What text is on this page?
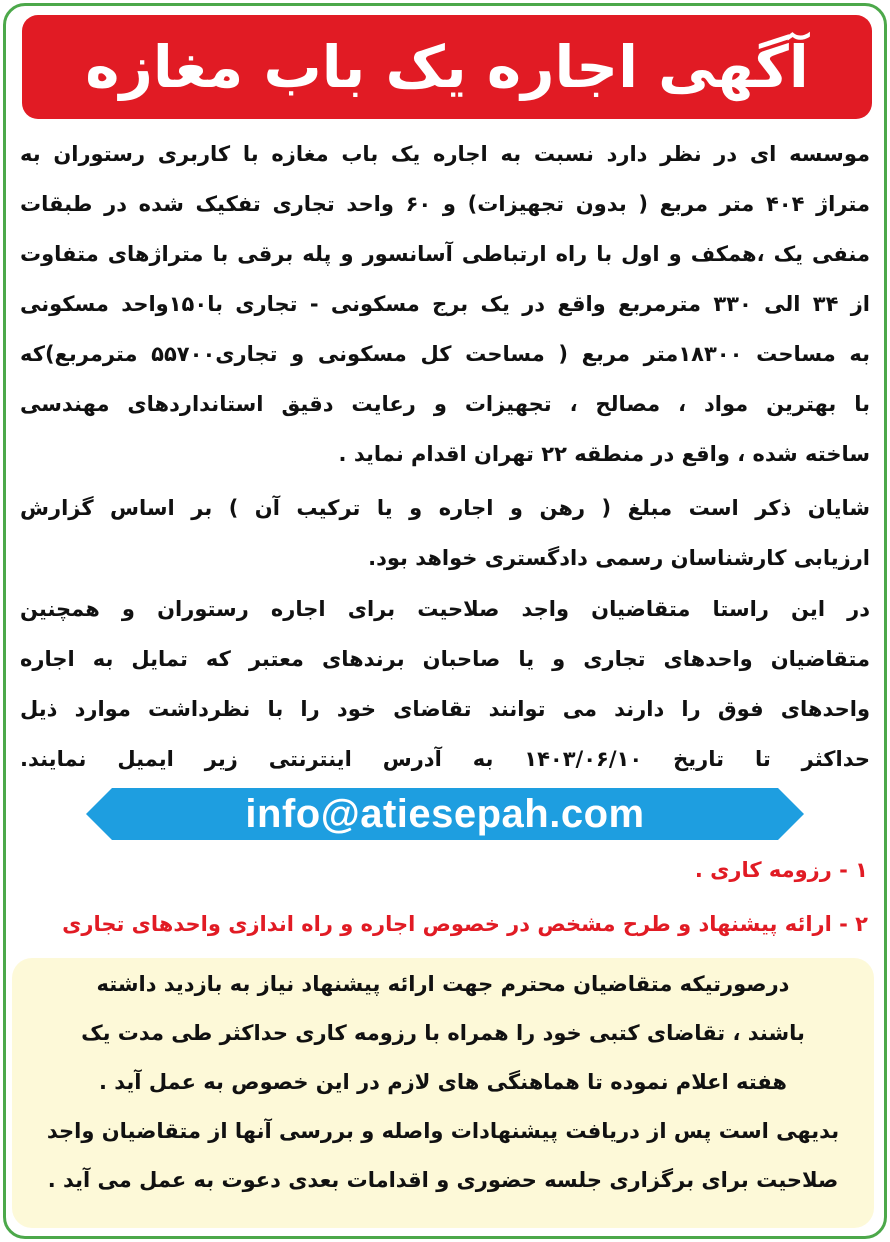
آگهی اجاره یک باب مغازه

موسسه ای در نظر دارد نسبت به اجاره یک باب مغازه با کاربری رستوران به
متراژ ۴۰۴ متر مربع ( بدون تجهیزات) و ۶۰ واحد تجاری تفکیک شده در طبقات
منفی یک ،همکف و اول با راه ارتباطی آسانسور و پله برقی با متراژهای متفاوت
از ۳۴ الی ۳۳۰ مترمربع واقع در یک برج مسکونی - تجاری با۱۵۰واحد مسکونی
به مساحت ۱۸۳۰۰متر مربع ( مساحت کل مسکونی و تجاری۵۵۷۰۰ مترمربع)که
با بهترین مواد ، مصالح ، تجهیزات و رعایت دقیق استانداردهای مهندسی
ساخته شده ، واقع در منطقه ۲۲ تهران اقدام نماید .

شایان ذکر است مبلغ ( رهن و اجاره و یا ترکیب آن ) بر اساس گزارش
ارزیابی کارشناسان رسمی دادگستری خواهد بود.

در این راستا متقاضیان واجد صلاحیت برای اجاره رستوران و همچنین
متقاضیان واحدهای تجاری و یا صاحبان برندهای معتبر که تمایل به اجاره
واحدهای فوق را دارند می توانند تقاضای خود را با نظرداشت موارد ذیل
حداکثر تا تاریخ ۱۴۰۳/۰۶/۱۰ به آدرس اینترنتی زیر ایمیل نمایند.

info@atiesepah.com
۱ - رزومه کاری .
۲ - ارائه پیشنهاد و طرح مشخص در خصوص اجاره و راه اندازی واحدهای تجاری

درصورتیکه متقاضیان محترم جهت ارائه پیشنهاد نیاز به بازدید داشته
باشند ، تقاضای کتبی خود را همراه با رزومه کاری حداکثر طی مدت یک
هفته اعلام نموده تا هماهنگی های لازم در این خصوص به عمل آید .
بدیهی است پس از دریافت پیشنهادات واصله و بررسی آنها از متقاضیان واجد
صلاحیت برای برگزاری جلسه حضوری و اقدامات بعدی دعوت به عمل می آید .
